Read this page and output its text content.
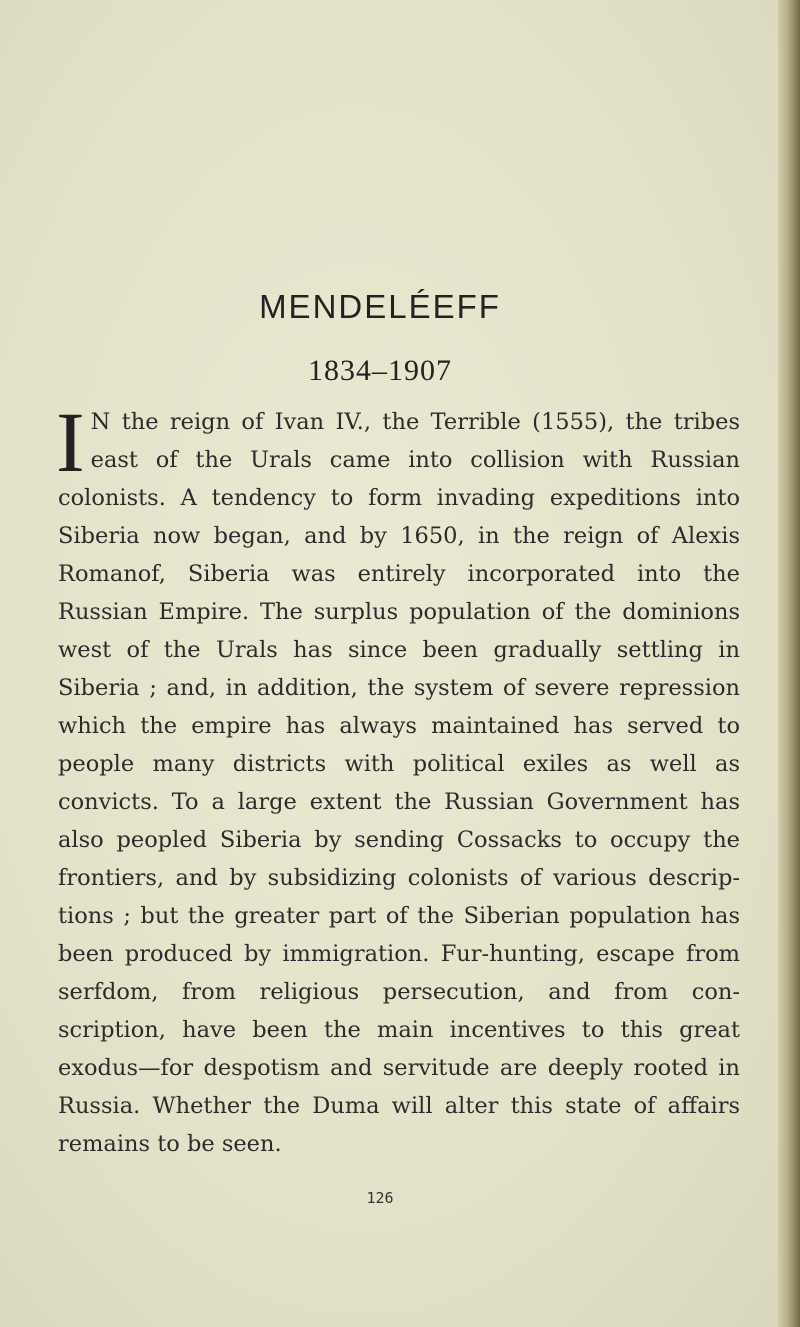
MENDELÉEFF
1834–1907

I N the reign of Ivan IV., the Terrible (1555), the tribes east of the Urals came into collision with Russian colonists. A tendency to form invading expeditions into Siberia now began, and by 1650, in the reign of Alexis Romanof, Siberia was entirely incorporated into the Russian Empire. The surplus population of the dominions west of the Urals has since been gradually settling in Siberia ; and, in addition, the system of severe repression which the empire has always maintained has served to people many districts with political exiles as well as convicts. To a large extent the Russian Government has also peopled Siberia by sending Cossacks to occupy the frontiers, and by subsidizing colonists of various descrip- tions ; but the greater part of the Siberian population has been produced by immigration. Fur-hunting, escape from serfdom, from religious persecution, and from con- scription, have been the main incentives to this great exodus—for despotism and servitude are deeply rooted in Russia. Whether the Duma will alter this state of affairs remains to be seen.

126
